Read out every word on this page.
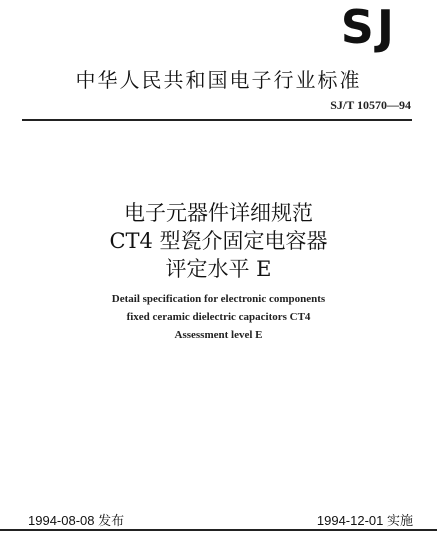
SJ
中华人民共和国电子行业标准
SJ/T 10570—94
电子元器件详细规范
CT4 型瓷介固定电容器
评定水平 E
Detail specification for electronic components
fixed ceramic dielectric capacitors CT4
Assessment level E
1994-08-08 发布	1994-12-01 实施
